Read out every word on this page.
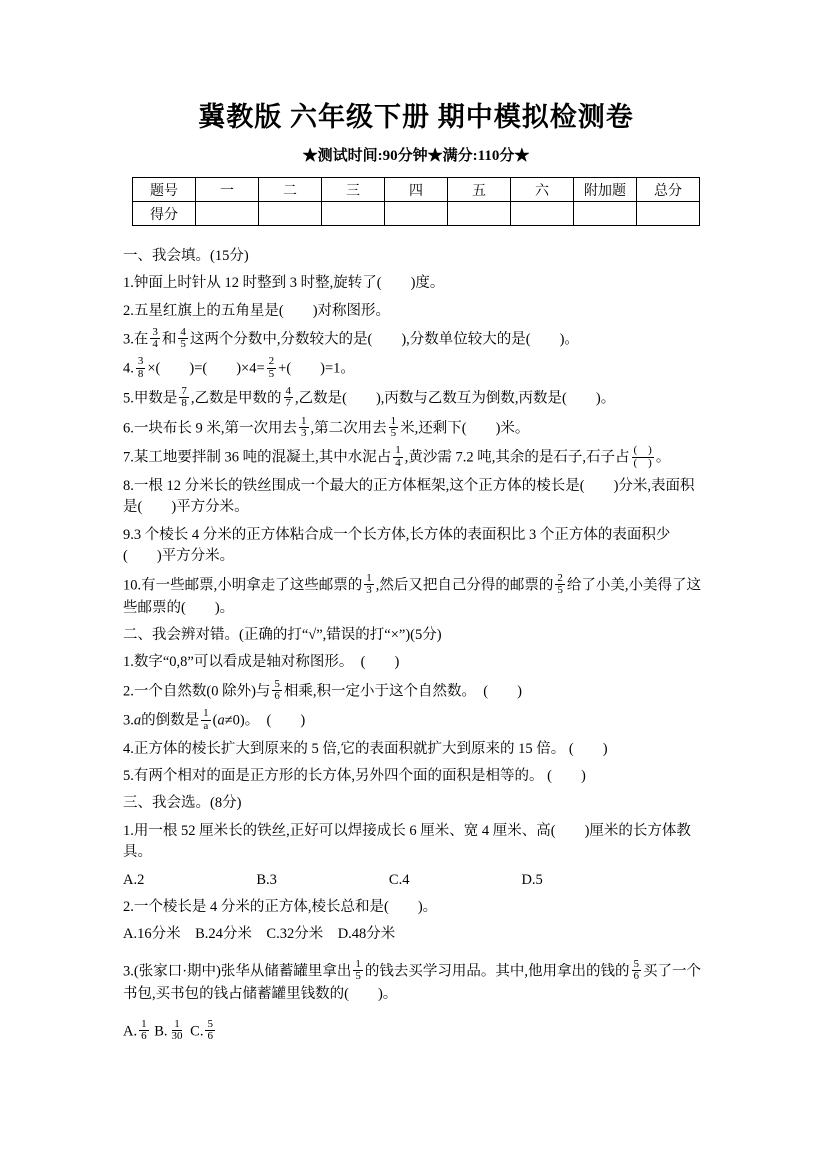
冀教版 六年级下册 期中模拟检测卷
★测试时间:90分钟★满分:110分★
题号	一	二	三	四	五	六	附加题	总分
得分								

一、我会填。(15分)

1.钟面上时针从 12 时整到 3 时整,旋转了(　　)度。

2.五星红旗上的五角星是(　　)对称图形。

3.在 $\frac{3}{4}$ 和 $\frac{4}{5}$ 这两个分数中,分数较大的是(　　),分数单位较大的是(　　)。

4. $\frac{3}{8}$ ×(　　)=(　　)$\times 4= \frac{2}{5}$ +(　　)=1。

5.甲数是 $\frac{7}{8}$ ,乙数是甲数的 $\frac{4}{7}$ ,乙数是(　　),丙数与乙数互为倒数,丙数是(　　)。

6.一块布长 9 米,第一次用去 $\frac{1}{3}$ ,第二次用去 $\frac{1}{5}$ 米,还剩下(　　)米。

7.某工地要拌制 36 吨的混凝土,其中水泥占 $\frac{1}{4}$ ,黄沙需 7.2 吨,其余的是石子,石子占 $\frac{( )}{( )}$ 。

8.一根 12 分米长的铁丝围成一个最大的正方体框架,这个正方体的棱长是(　　)分米,表面积是(　　)平方分米。

9.3 个棱长 4 分米的正方体粘合成一个长方体,长方体的表面积比 3 个正方体的表面积少(　　)平方分米。

10.有一些邮票,小明拿走了这些邮票的 $\frac{1}{3}$ ,然后又把自己分得的邮票的 $\frac{2}{5}$ 给了小美,小美得了这些邮票的(　　)。

二、我会辨对错。(正确的打“√”,错误的打“×”)(5分)

1.数字“0,8”可以看成是轴对称图形。　(　　)

2.一个自然数(0 除外)与 $\frac{5}{6}$ 相乘,积一定小于这个自然数。　(　　)

3.a的倒数是 $\frac{1}{a} (a\ne 0)$。　(　　)

4.正方体的棱长扩大到原来的 5 倍,它的表面积就扩大到原来的 15 倍。 (　　)

5.有两个相对的面是正方形的长方体,另外四个面的面积是相等的。 (　　)

三、我会选。(8分)

1.用一根 52 厘米长的铁丝,正好可以焊接成长 6 厘米、宽 4 厘米、高(　　)厘米的长方体教具。

A.2	B.3	C.4	D.5

2.一个棱长是 4 分米的正方体,棱长总和是(　　)。

A.16分米　B.24分米　C.32分米　D.48分米

3.(张家口·期中)张华从储蓄罐里拿出 $\frac{1}{5}$ 的钱去买学习用品。其中,他用拿出的钱的 $\frac{5}{6}$ 买了一个书包,买书包的钱占储蓄罐里钱数的(　　)。

A. $\frac{1}{6} B$. $\frac{1}{30} C$. $\frac{5}{6}$
